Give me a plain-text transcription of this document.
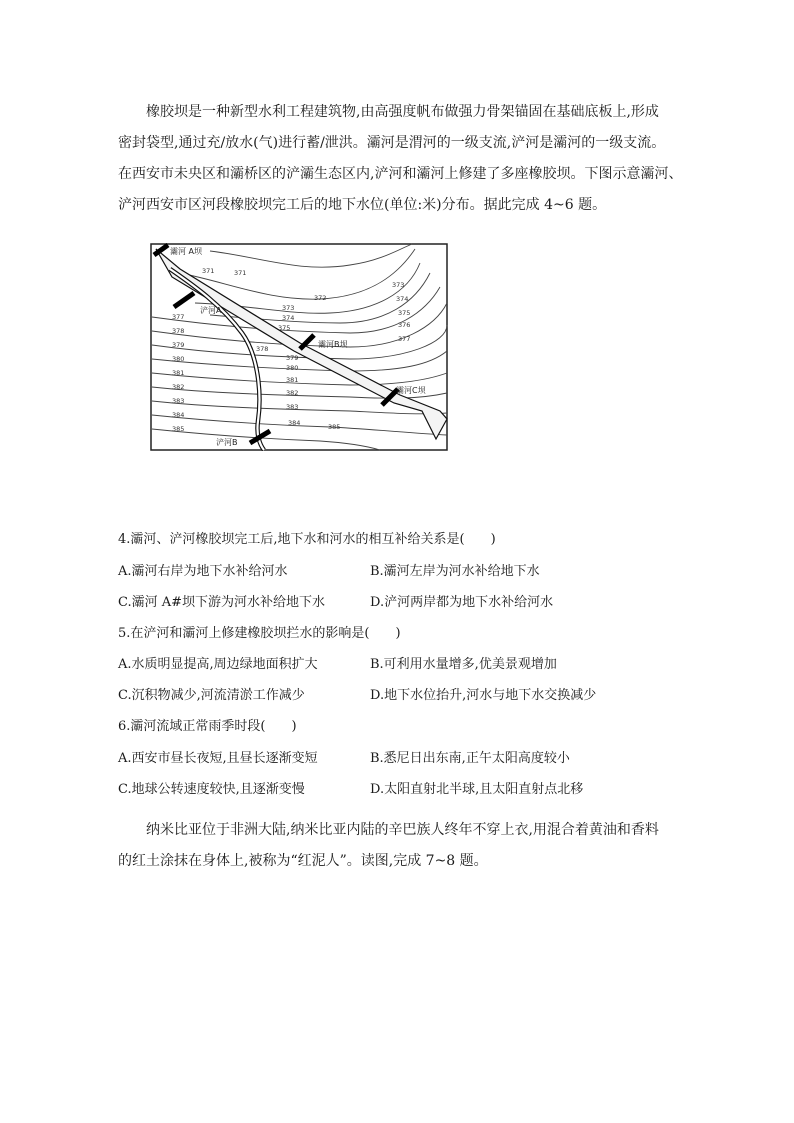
橡胶坝是一种新型水利工程建筑物,由高强度帆布做强力骨架锚固在基础底板上,形成
密封袋型,通过充/放水(气)进行蓄/泄洪。灞河是渭河的一级支流,浐河是灞河的一级支流。
在西安市未央区和灞桥区的浐灞生态区内,浐河和灞河上修建了多座橡胶坝。下图示意灞河、
浐河西安市区河段橡胶坝完工后的地下水位(单位:米)分布。据此完成 4~6 题。
灞河 A坝
浐河A
灞河B坝
灞河C坝
浐河B
371
371
372
373
373
374
374
375
375
376
377
377
378
378
379
379
380
380
381
381
382
382
383
383
384
384
385	385
4.灞河、浐河橡胶坝完工后,地下水和河水的相互补给关系是(　　)
A.灞河右岸为地下水补给河水	B.灞河左岸为河水补给地下水
C.灞河 A#坝下游为河水补给地下水	D.浐河两岸都为地下水补给河水
5.在浐河和灞河上修建橡胶坝拦水的影响是(　　)
A.水质明显提高,周边绿地面积扩大	B.可利用水量增多,优美景观增加
C.沉积物减少,河流清淤工作减少	D.地下水位抬升,河水与地下水交换减少
6.灞河流域正常雨季时段(　　)
A.西安市昼长夜短,且昼长逐渐变短	B.悉尼日出东南,正午太阳高度较小
C.地球公转速度较快,且逐渐变慢	D.太阳直射北半球,且太阳直射点北移
纳米比亚位于非洲大陆,纳米比亚内陆的辛巴族人终年不穿上衣,用混合着黄油和香料
的红土涂抹在身体上,被称为“红泥人”。读图,完成 7~8 题。
